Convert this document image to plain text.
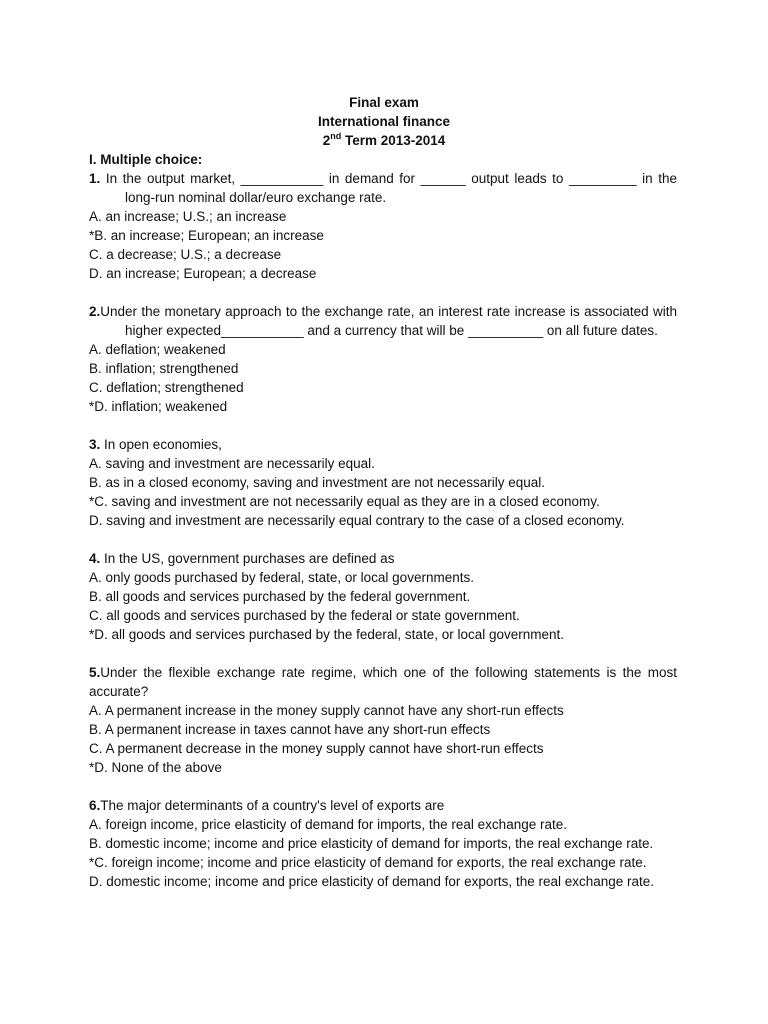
Final exam
International finance
2nd Term 2013-2014
I. Multiple choice:
1. In the output market, ___________ in demand for ______ output leads to _________ in the long-run nominal dollar/euro exchange rate.
A. an increase; U.S.; an increase
*B. an increase; European; an increase
C. a decrease; U.S.; a decrease
D. an increase; European; a decrease
2.Under the monetary approach to the exchange rate, an interest rate increase is associated with higher expected___________ and a currency that will be __________ on all future dates.
A. deflation; weakened
B. inflation; strengthened
C. deflation; strengthened
*D. inflation; weakened
3. In open economies,
A. saving and investment are necessarily equal.
B. as in a closed economy, saving and investment are not necessarily equal.
*C. saving and investment are not necessarily equal as they are in a closed economy.
D. saving and investment are necessarily equal contrary to the case of a closed economy.
4. In the US, government purchases are defined as
A. only goods purchased by federal, state, or local governments.
B. all goods and services purchased by the federal government.
C. all goods and services purchased by the federal or state government.
*D. all goods and services purchased by the federal, state, or local government.
5.Under the flexible exchange rate regime, which one of the following statements is the most accurate?
A. A permanent increase in the money supply cannot have any short-run effects
B. A permanent increase in taxes cannot have any short-run effects
C. A permanent decrease in the money supply cannot have short-run effects
*D. None of the above
6.The major determinants of a country's level of exports are
A. foreign income, price elasticity of demand for imports, the real exchange rate.
B. domestic income; income and price elasticity of demand for imports, the real exchange rate.
*C. foreign income; income and price elasticity of demand for exports, the real exchange rate.
D. domestic income; income and price elasticity of demand for exports, the real exchange rate.
